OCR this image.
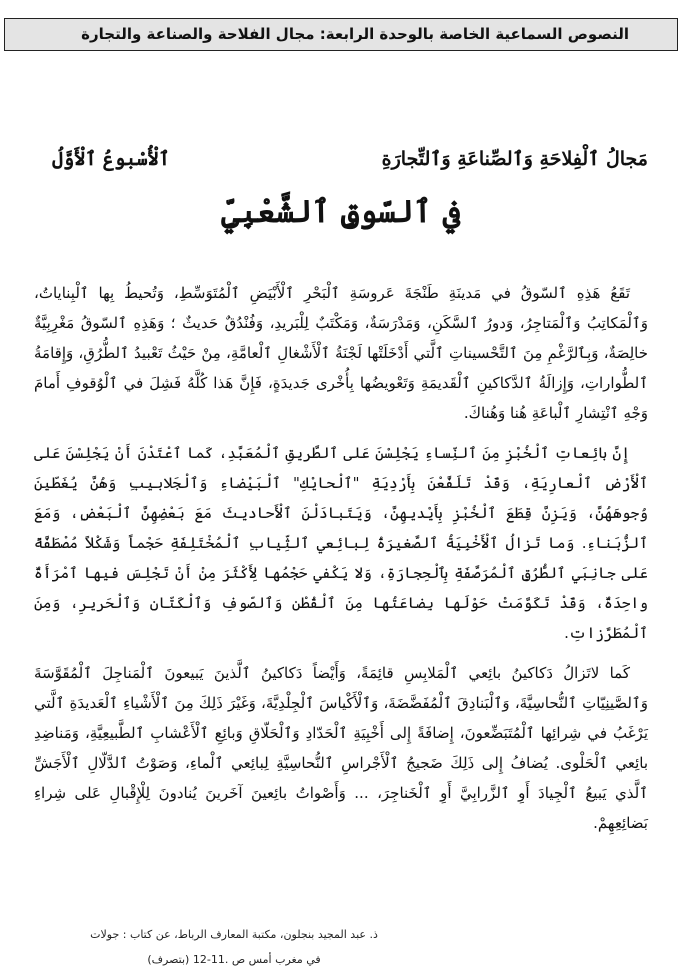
النصوص السماعية الخاصة بالوحدة الرابعة: مجال الفلاحة والصناعة والتجارة
مَجالُ ٱلْفِلاحَةِ وَٱلصِّناعَةِ وَٱلتِّجارَةِ
ٱلْأُسْبوعُ ٱلْأَوَّلُ
في ٱلسّوقِ ٱلشَّعْبِيِّ

تَقَعُ هَذِهِ ٱلسّوقُ في مَدينَةِ طَنْجَةَ عَروسَةِ ٱلْبَحْرِ ٱلْأَبْيَضِ ٱلْمُتَوَسِّطِ، وَتُحيطُ بِها ٱلْبِناياتُ، وَٱلْمَكاتِبُ وَٱلْمَتاجِرُ، وَدورُ ٱلسَّكَنِ، وَمَدْرَسَةٌ، وَمَكْتَبٌ لِلْبَريدِ، وَفُنْدُقٌ حَديثٌ ؛ وَهَذِهِ ٱلسّوقُ مَغْرِبِيَّةٌ خالِصَةٌ، وَبِٱلرَّغْمِ مِنَ ٱلتَّحْسيناتِ ٱلَّتي أَدْخَلَتْها لَجْنَةُ ٱلْأَشْغالِ ٱلْعامَّةِ، مِنْ حَيْثُ تَعْبيدُ ٱلطُّرُقِ، وَإِقامَةُ ٱلطُّواراتِ، وَإِزالَةُ ٱلدَّكاكينِ ٱلْقَديمَةِ وَتَعْويضُها بِأُخْرى جَديدَةٍ، فَإِنَّ هَذا كُلَّهُ فَشِلَ في ٱلْوُقوفِ أَمامَ وَجْهِ ٱنْتِشارِ ٱلْباعَةِ هُنا وَهُناكَ.

إِنَّ بائِعاتِ ٱلْخُبْزِ مِنَ ٱلنِّساءِ يَجْلِسْنَ عَلى ٱلطَّريقِ ٱلْمُعَبَّدِ، كَما ٱعْتَدْنَ أَنْ يَجْلِسْنَ عَلى ٱلْأَرْضِ ٱلْعارِيَةِ، وَقَدْ تَلَفَّعْنَ بِأَرْدِيَةِ "ٱلْحايْكِ" ٱلْبَيْضاءِ وَٱلْجَلابيبِ وَهُنَّ يُغَطّينَ وُجوهَهُنَّ، وَيَزِنَّ قِطَعَ ٱلْخُبْزِ بِأَيْديهِنَّ، وَيَتَبادَلْنَ ٱلْأَحاديثَ مَعَ بَعْضِهِنَّ ٱلْبَعْضِ، وَمَعَ ٱلزُّبَناءِ. وَما تَزالُ ٱلْأَخْبِيَةُ ٱلصَّغيرَةُ لِبائِعي ٱلثِّيابِ ٱلْمُخْتَلِفَةِ حَجْماً وَشَكْلاً مُصْطَفَّةً عَلى جانِبَيِ ٱلطُّرُقِ ٱلْمُرَصَّفَةِ بِٱلْحِجارَةِ، وَلا يَكْفي حَجْمُها لِأَكْثَرَ مِنْ أَنْ تَجْلِسَ فيها ٱمْرَأَةٌ واحِدَةٌ، وَقَدْ تَكَوَّمَتْ حَوْلَها بِضاعَتُها مِنَ ٱلْقُطْنِ وَٱلصّوفِ وَٱلْكَتّانِ وَٱلْحَريرِ، وَمِنَ ٱلْمُطَرَّزاتِ.

كَما لاتَزالُ دَكاكينُ بائِعي ٱلْمَلابِسِ قائِمَةً، وَأَيْضاً دَكاكينُ ٱلَّذينَ يَبيعونَ ٱلْمَناجِلَ ٱلْمُقَوَّسَةَ وَٱلصَّينِيّاتِ ٱلنُّحاسِيَّةَ، وَٱلْبَنادِقَ ٱلْمُفَضَّضَةَ، وَٱلْأَكْياسَ ٱلْجِلْدِيَّةَ، وَغَيْرَ ذَلِكَ مِنَ ٱلْأَشْياءِ ٱلْعَديدَةِ ٱلَّتي يَرْغَبُ في شِرائِها ٱلْمُتَبَضِّعونَ، إِضافَةً إِلى أَخْبِيَةِ ٱلْحَدّادِ وَٱلْحَلّاقِ وَبائِعِ ٱلْأَعْشابِ ٱلطَّبيعِيَّةِ، وَمَناضِدِ بائِعي ٱلْحَلْوى. يُضافُ إِلى ذَلِكَ ضَجيجُ ٱلْأَجْراسِ ٱلنُّحاسِيَّةِ لِبائِعي ٱلْماءِ، وَصَوْتُ ٱلدَّلّالِ ٱلْأَجَشِّ ٱلَّذي يَبيعُ ٱلْجِيادَ أَوِ ٱلزَّرابِيَّ أَوِ ٱلْخَناجِرَ، ... وَأَصْواتُ بائِعينَ آخَرينَ يُنادونَ لِلْإِقْبالِ عَلى شِراءِ بَضائِعِهِمْ.

ذ. عبد المجيد بنجلون، مكتبة المعارف الرباط، عن كتاب : جولات
في مغرب أمس ص .11-12 (بتصرف)
